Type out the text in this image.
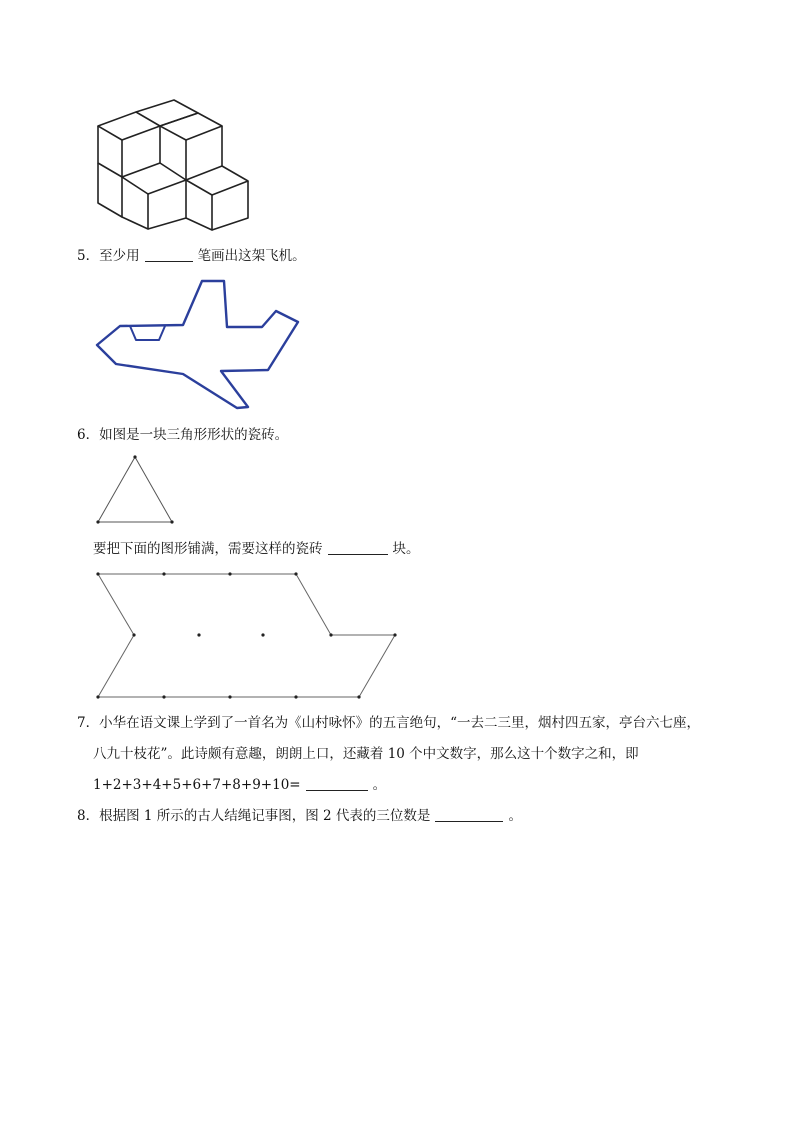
5．至少用	笔画出这架飞机。
6．如图是一块三角形形状的瓷砖。
要把下面的图形铺满，需要这样的瓷砖	块。
7．小华在语文课上学到了一首名为《山村咏怀》的五言绝句，“一去二三里，烟村四五家，亭台六七座，
八九十枝花”。此诗颇有意趣，朗朗上口，还藏着 10 个中文数字，那么这十个数字之和，即
1+2+3+4+5+6+7+8+9+10=	。
8．根据图 1 所示的古人结绳记事图，图 2 代表的三位数是	。
